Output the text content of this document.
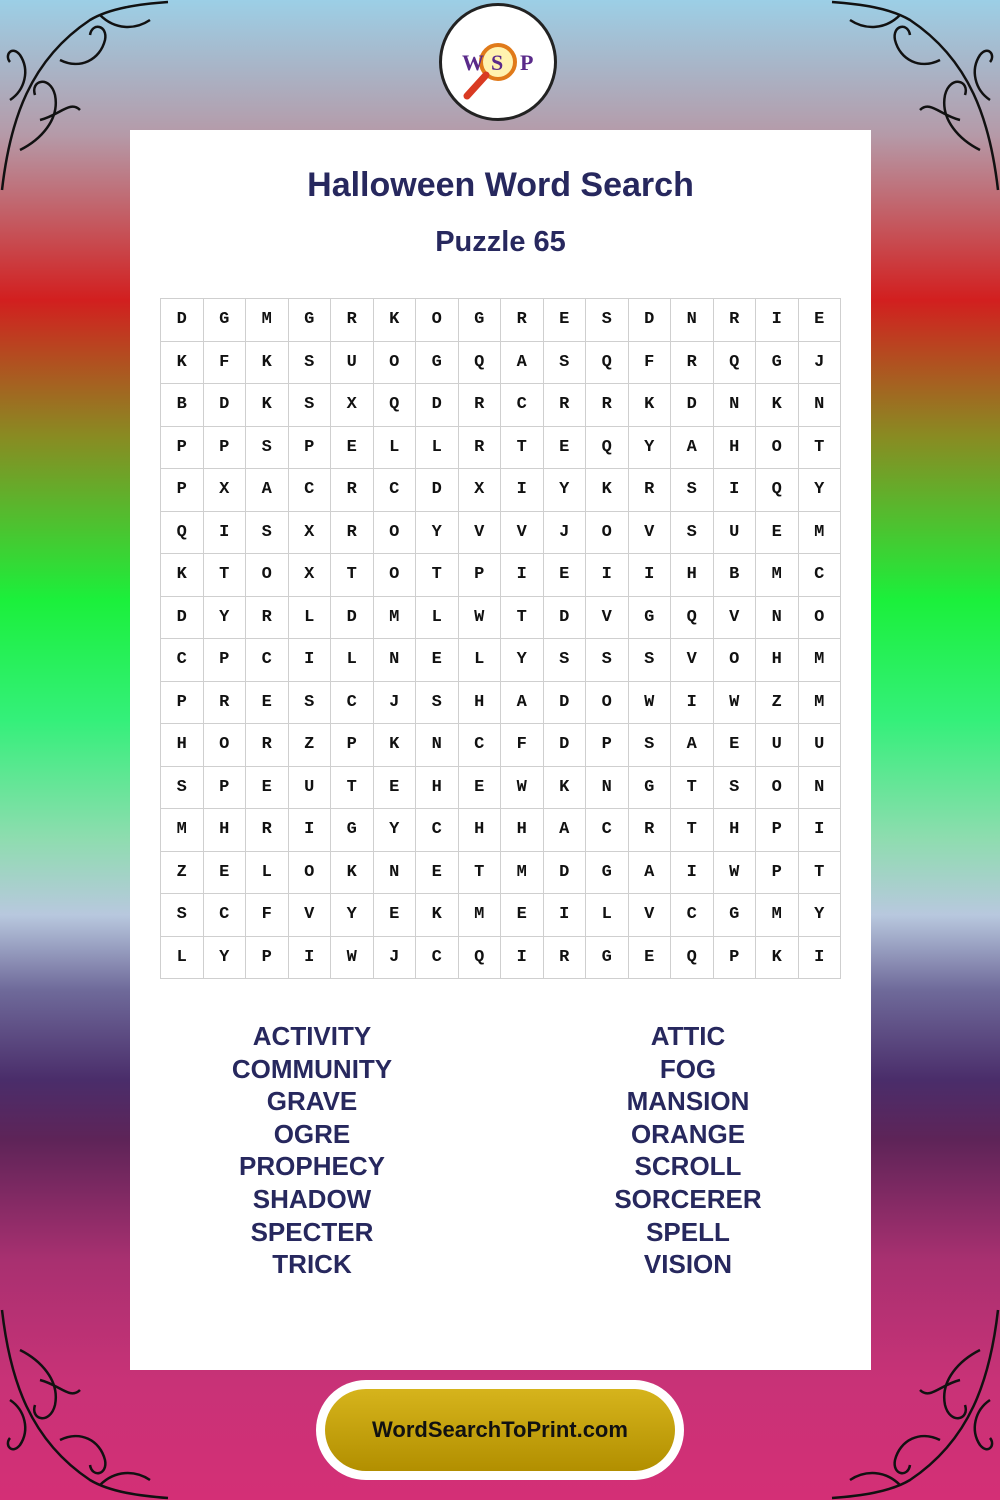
W S P
Halloween Word Search
Puzzle 65
D	G	M	G	R	K	O	G	R	E	S	D	N	R	I	E
K	F	K	S	U	O	G	Q	A	S	Q	F	R	Q	G	J
B	D	K	S	X	Q	D	R	C	R	R	K	D	N	K	N
P	P	S	P	E	L	L	R	T	E	Q	Y	A	H	O	T
P	X	A	C	R	C	D	X	I	Y	K	R	S	I	Q	Y
Q	I	S	X	R	O	Y	V	V	J	O	V	S	U	E	M
K	T	O	X	T	O	T	P	I	E	I	I	H	B	M	C
D	Y	R	L	D	M	L	W	T	D	V	G	Q	V	N	O
C	P	C	I	L	N	E	L	Y	S	S	S	V	O	H	M
P	R	E	S	C	J	S	H	A	D	O	W	I	W	Z	M
H	O	R	Z	P	K	N	C	F	D	P	S	A	E	U	U
S	P	E	U	T	E	H	E	W	K	N	G	T	S	O	N
M	H	R	I	G	Y	C	H	H	A	C	R	T	H	P	I
Z	E	L	O	K	N	E	T	M	D	G	A	I	W	P	T
S	C	F	V	Y	E	K	M	E	I	L	V	C	G	M	Y
L	Y	P	I	W	J	C	Q	I	R	G	E	Q	P	K	I
ACTIVITY
COMMUNITY
GRAVE
OGRE
PROPHECY
SHADOW
SPECTER
TRICK
ATTIC
FOG
MANSION
ORANGE
SCROLL
SORCERER
SPELL
VISION
WordSearchToPrint.com
